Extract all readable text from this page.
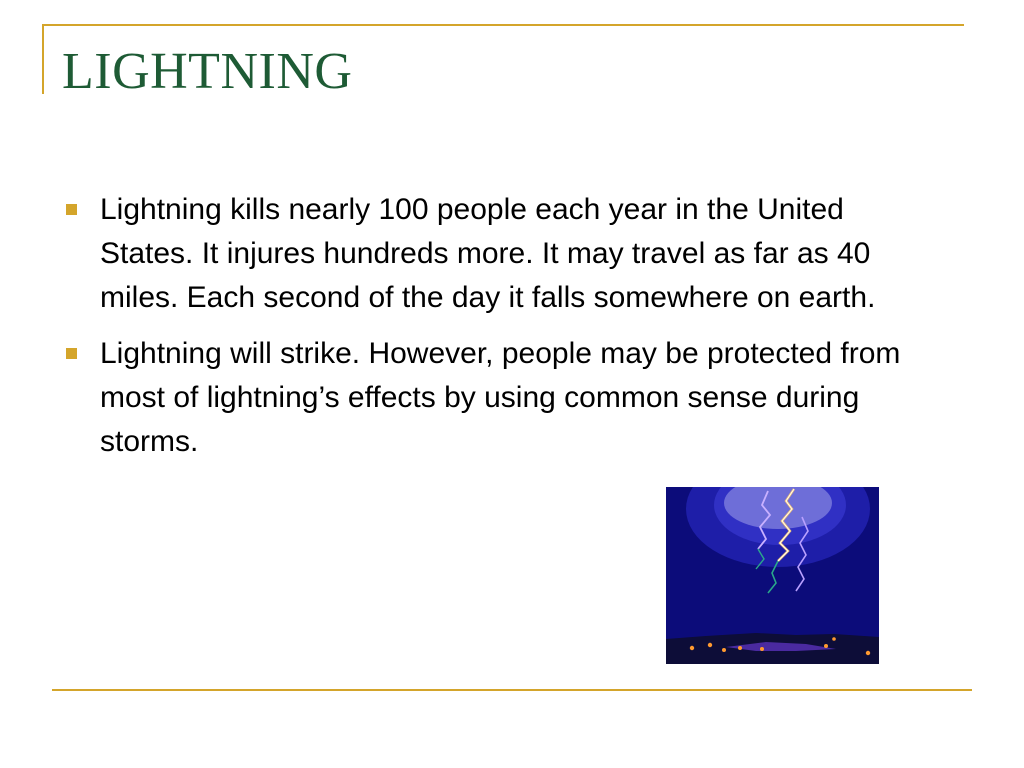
LIGHTNING
Lightning kills nearly 100 people each year in the United States. It injures hundreds more. It may travel as far as 40 miles. Each second of the day it falls somewhere on earth.
Lightning will strike. However, people may be protected from most of lightning’s effects by using common sense during storms.
